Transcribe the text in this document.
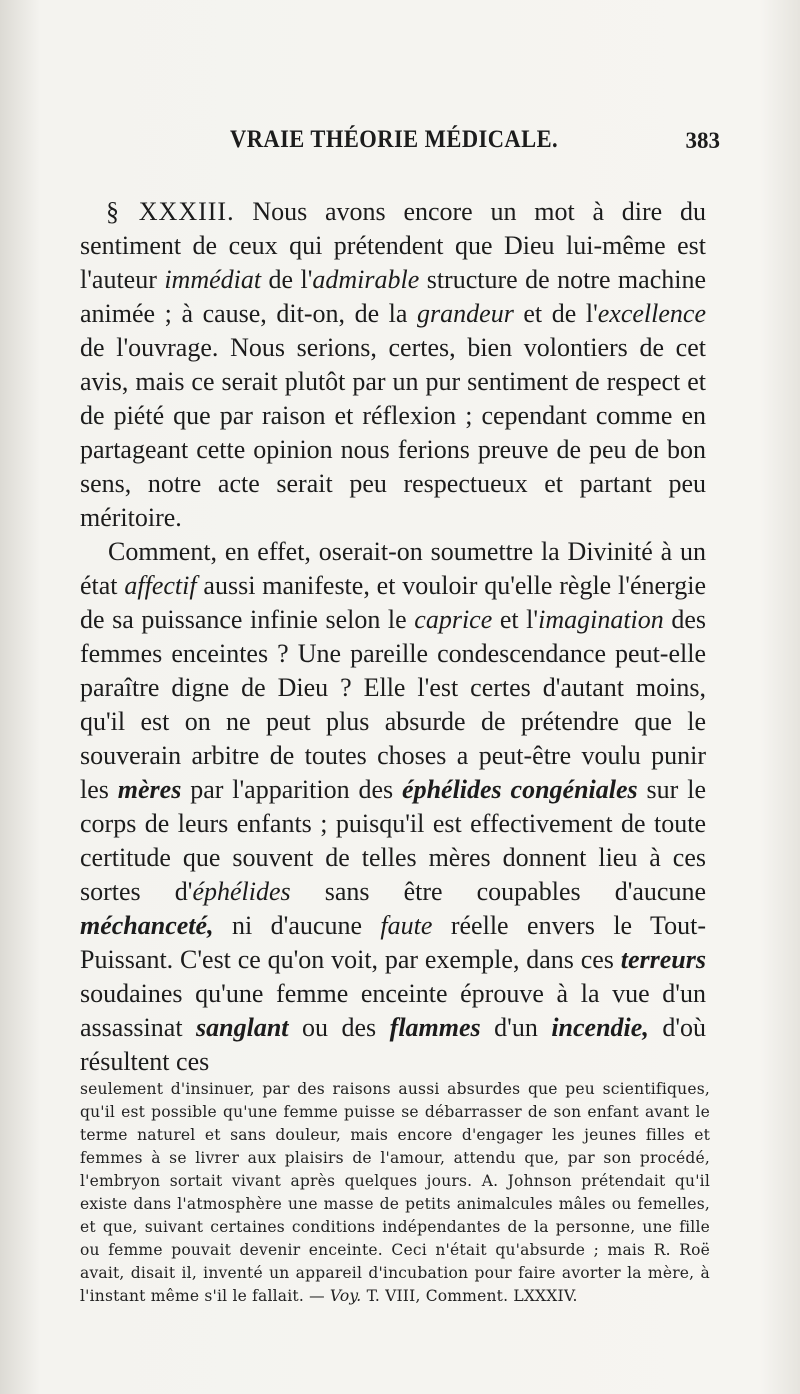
VRAIE THÉORIE MÉDICALE.	383

§ XXXIII. Nous avons encore un mot à dire du sentiment de ceux qui prétendent que Dieu lui-même est l'auteur immédiat de l'admirable structure de notre machine animée ; à cause, dit-on, de la grandeur et de l'excellence de l'ouvrage. Nous serions, certes, bien volontiers de cet avis, mais ce serait plutôt par un pur sentiment de respect et de piété que par raison et réflexion ; cependant comme en partageant cette opinion nous ferions preuve de peu de bon sens, notre acte serait peu respectueux et partant peu méritoire.

Comment, en effet, oserait-on soumettre la Divinité à un état affectif aussi manifeste, et vouloir qu'elle règle l'énergie de sa puissance infinie selon le caprice et l'imagination des femmes enceintes ? Une pareille condescendance peut-elle paraître digne de Dieu ? Elle l'est certes d'autant moins, qu'il est on ne peut plus absurde de prétendre que le souverain arbitre de toutes choses a peut-être voulu punir les mères par l'apparition des éphélides congéniales sur le corps de leurs enfants ; puisqu'il est effectivement de toute certitude que souvent de telles mères donnent lieu à ces sortes d'éphélides sans être coupables d'aucune méchanceté, ni d'aucune faute réelle envers le Tout-Puissant. C'est ce qu'on voit, par exemple, dans ces terreurs soudaines qu'une femme enceinte éprouve à la vue d'un assassinat sanglant ou des flammes d'un incendie, d'où résultent ces

seulement d'insinuer, par des raisons aussi absurdes que peu scientifiques, qu'il est possible qu'une femme puisse se débarrasser de son enfant avant le terme naturel et sans douleur, mais encore d'engager les jeunes filles et femmes à se livrer aux plaisirs de l'amour, attendu que, par son procédé, l'embryon sortait vivant après quelques jours. A. Johnson prétendait qu'il existe dans l'atmosphère une masse de petits animalcules mâles ou femelles, et que, suivant certaines conditions indépendantes de la personne, une fille ou femme pouvait devenir enceinte. Ceci n'était qu'absurde ; mais R. Roë avait, disait il, inventé un appareil d'incubation pour faire avorter la mère, à l'instant même s'il le fallait. — Voy. T. VIII, Comment. LXXXIV.
